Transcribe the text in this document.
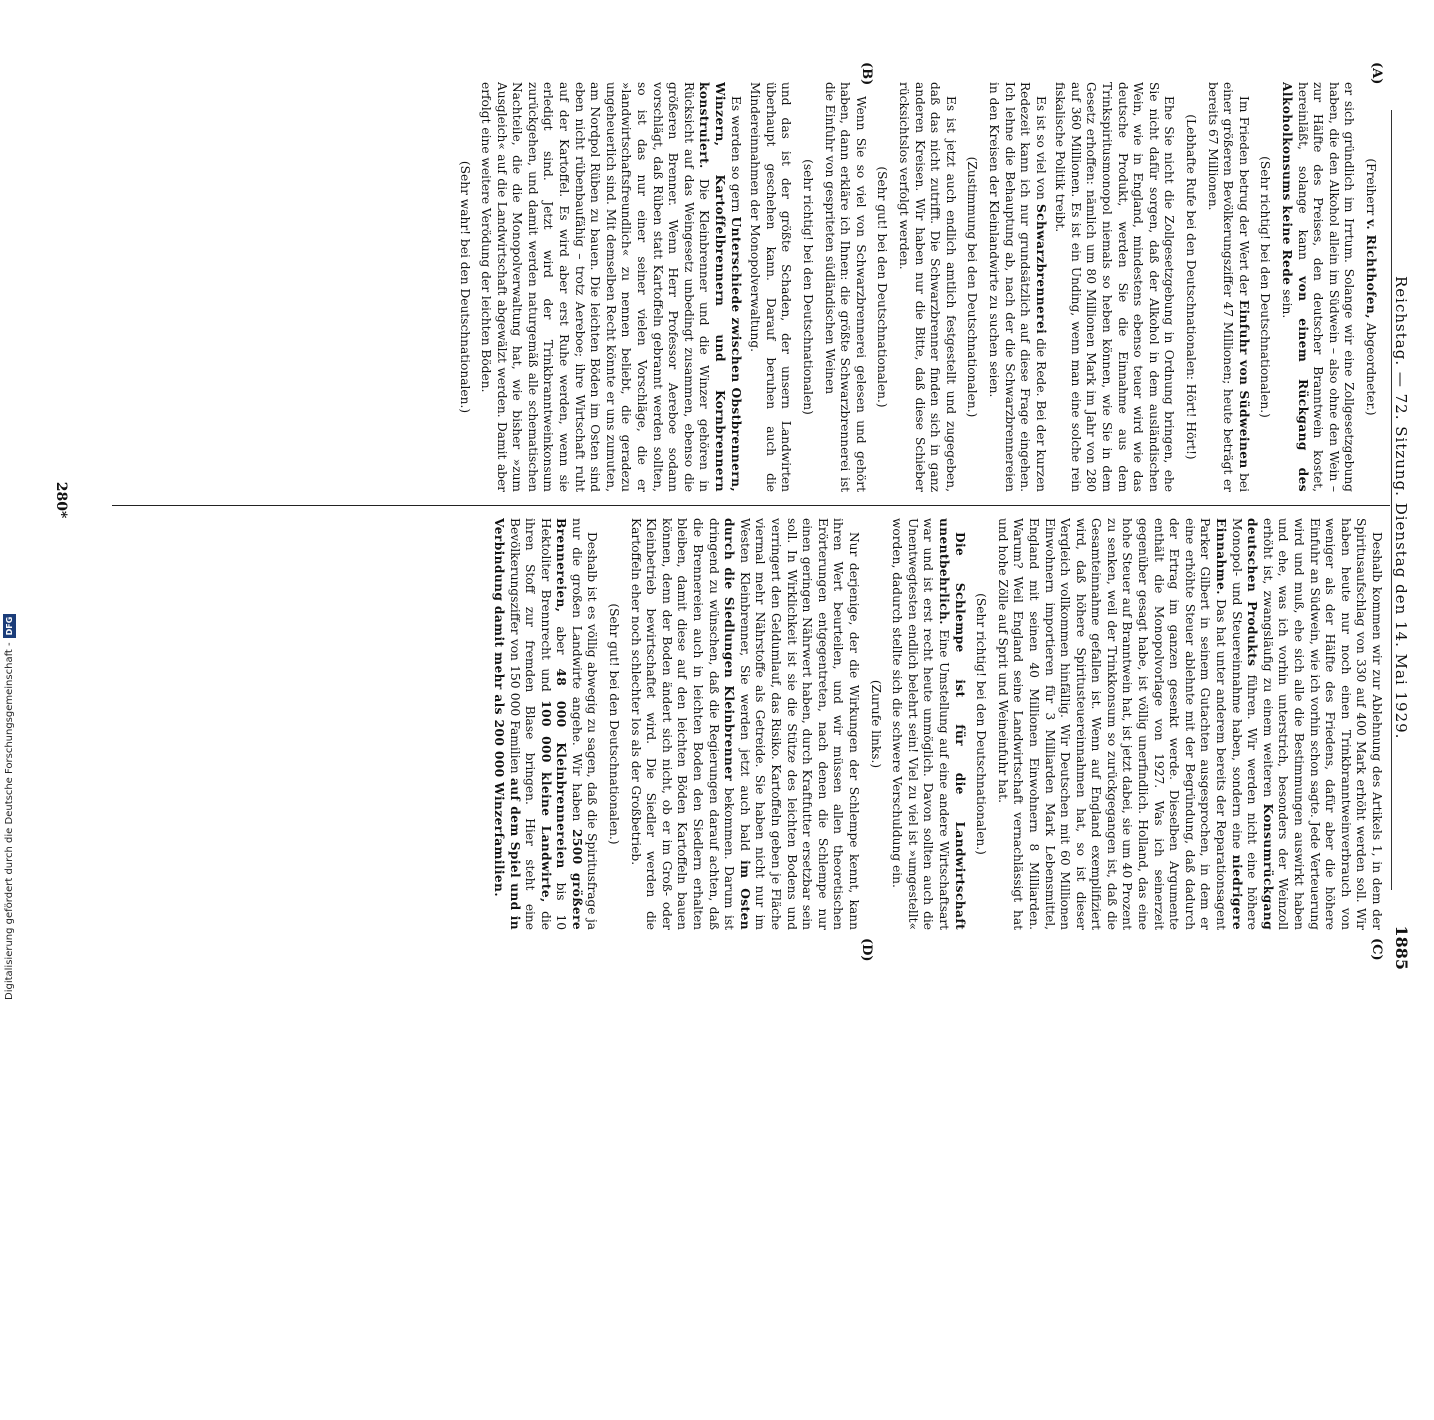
Reichstag. — 72. Sitzung. Dienstag den 14. Mai 1929.
1885
(A)
(B)
(C)
(D)

(Freiherr v. Richthofen, Abgeordneter.)

er sich gründlich im Irrtum. Solange wir eine Zollgesetzgebung haben, die den Alkohol allein im Südwein – also ohne den Wein – zur Hälfte des Preises, den deutscher Branntwein kostet, hereinläßt, solange kann von einem Rückgang des Alkoholkonsums keine Rede sein.

(Sehr richtig! bei den Deutschnationalen.)

Im Frieden betrug der Wert der Einfuhr von Südweinen bei einer größeren Bevölkerungsziffer 47 Millionen; heute beträgt er bereits 67 Millionen.

(Lebhafte Rufe bei den Deutschnationalen: Hört! Hört!)

Ehe Sie nicht die Zollgesetzgebung in Ordnung bringen, ehe Sie nicht dafür sorgen, daß der Alkohol in dem ausländischen Wein, wie in England, mindestens ebenso teuer wird wie das deutsche Produkt, werden Sie die Einnahme aus dem Trinkspiritusmonopol niemals so heben können, wie Sie in dem Gesetz erhoffen: nämlich um 80 Millionen Mark im Jahr von 280 auf 360 Millionen. Es ist ein Unding, wenn man eine solche rein fiskalische Politik treibt.

Es ist so viel von Schwarzbrennerei die Rede. Bei der kurzen Redezeit kann ich nur grundsätzlich auf diese Frage eingehen. Ich lehne die Behauptung ab, nach der die Schwarzbrennereien in den Kreisen der Kleinlandwirte zu suchen seien.

(Zustimmung bei den Deutschnationalen.)

Es ist jetzt auch endlich amtlich festgestellt und zugegeben, daß das nicht zutrifft. Die Schwarzbrenner finden sich in ganz anderen Kreisen. Wir haben nur die Bitte, daß diese Schieber rücksichtslos verfolgt werden.

(Sehr gut! bei den Deutschnationalen.)

Wenn Sie so viel von Schwarzbrennerei gelesen und gehört haben, dann erkläre ich Ihnen: die größte Schwarzbrennerei ist die Einfuhr von gespriteten südländischen Weinen

(sehr richtig! bei den Deutschnationalen)

und das ist der größte Schaden, der unsern Landwirten überhaupt geschehen kann. Darauf beruhen auch die Mindereinnahmen der Monopolverwaltung.

Es werden so gern Unterschiede zwischen Obstbrennern, Winzern, Kartoffelbrennern und Kornbrennern konstruiert. Die Kleinbrenner und die Winzer gehören in Rücksicht auf das Weingesetz unbedingt zusammen, ebenso die größeren Brenner. Wenn Herr Professor Aereboe sodann vorschlägt, daß Rüben statt Kartoffeln gebrannt werden sollten, so ist das nur einer seiner vielen Vorschläge, die er »landwirtschaftsfreundlich« zu nennen beliebt, die geradezu ungeheuerlich sind. Mit demselben Recht könnte er uns zumuten, am Nordpol Rüben zu bauen. Die leichten Böden im Osten sind eben nicht rübenbaufähig – trotz Aereboe; ihre Wirtschaft ruht auf der Kartoffel. Es wird aber erst Ruhe werden, wenn sie erledigt sind. Jetzt wird der Trinkbranntweinkonsum zurückgehen, und damit werden naturgemäß alle schematischen Nachteile, die die Monopolverwaltung hat, wie bisher »zum Ausgleich« auf die Landwirtschaft abgewälzt werden. Damit aber erfolgt eine weitere Verödung der leichten Böden.

(Sehr wahr! bei den Deutschnationalen.)

Deshalb kommen wir zur Ablehnung des Artikels 1, in dem der Spiritusaufschlag von 330 auf 400 Mark erhöht werden soll. Wir haben heute nur noch einen Trinkbranntweinverbrauch von weniger als der Hälfte des Friedens, dafür aber die höhere Einfuhr an Südwein, wie ich vorhin schon sagte. Jede Verteuerung wird und muß, ehe sich alle die Bestimmungen auswirkt haben und ehe, was ich vorhin unterstrich, besonders der Weinzoll erhöht ist, zwangsläufig zu einem weiteren Konsumrückgang deutschen Produkts führen. Wir werden nicht eine höhere Monopol- und Steuereinnahme haben, sondern eine niedrigere Einnahme. Das hat unter anderem bereits der Reparationsagent Parker Gilbert in seinem Gutachten ausgesprochen, in dem er eine erhöhte Steuer ablehnte mit der Begründung, daß dadurch der Ertrag im ganzen gesenkt werde. Dieselben Argumente enthält die Monopolvorlage von 1927. Was ich seinerzeit gegenüber gesagt habe, ist völlig unerfindlich. Holland, das eine hohe Steuer auf Branntwein hat, ist jetzt dabei, sie um 40 Prozent zu senken, weil der Trinkkonsum so zurückgegangen ist, daß die Gesamteinnahme gefallen ist. Wenn auf England exemplifiziert wird, daß höhere Spiritusteuereinnahmen hat, so ist dieser Vergleich vollkommen hinfällig. Wir Deutschen mit 60 Millionen Einwohnern importieren für 3 Milliarden Mark Lebensmittel, England mit seinen 40 Millionen Einwohnern 8 Milliarden. Warum? Weil England seine Landwirtschaft vernachlässigt hat und hohe Zölle auf Sprit und Weineinfuhr hat.

(Sehr richtig! bei den Deutschnationalen.)

Die Schlempe ist für die Landwirtschaft unentbehrlich. Eine Umstellung auf eine andere Wirtschaftsart war und ist erst recht heute unmöglich. Davon sollten auch die Unentwegtesten endlich belehrt sein! Viel zu viel ist »umgestellt« worden, dadurch stellte sich die schwere Verschuldung ein.

(Zurufe links.)

Nur derjenige, der die Wirkungen der Schlempe kennt, kann ihren Wert beurteilen, und wir müssen allen theoretischen Erörterungen entgegentreten, nach denen die Schlempe nur einen geringen Nährwert haben, durch Kraftfutter ersetzbar sein soll. In Wirklichkeit ist sie die Stütze des leichten Bodens und verringert den Geldumlauf, das Risiko. Kartoffeln geben je Fläche viermal mehr Nährstoffe als Getreide. Sie haben nicht nur im Westen Kleinbrenner, Sie werden jetzt auch bald im Osten durch die Siedlungen Kleinbrenner bekommen. Darum ist dringend zu wünschen, daß die Regierungen darauf achten, daß die Brennereien auch in leichten Boden den Siedlern erhalten bleiben, damit diese auf den leichten Böden Kartoffeln bauen können, denn der Boden ändert sich nicht, ob er im Groß- oder Kleinbetrieb bewirtschaftet wird. Die Siedler werden die Kartoffeln eher noch schlechter los als der Großbetrieb.

(Sehr gut! bei den Deutschnationalen.)

Deshalb ist es völlig abwegig zu sagen, daß die Spiritusfrage ja nur die großen Landwirte angehe. Wir haben 2500 größere Brennereien, aber 48 000 Kleinbrennereien bis 10 Hektoliter Brennrecht und 100 000 kleine Landwirte, die ihren Stoff zur fremden Blase bringen. Hier steht eine Bevölkerungsziffer von 150 000 Familien auf dem Spiel und in Verbindung damit mehr als 200 000 Winzerfamilien.

280*
Digitalisierung gefördert durch die Deutsche Forschungsgemeinschaft -
DFG
